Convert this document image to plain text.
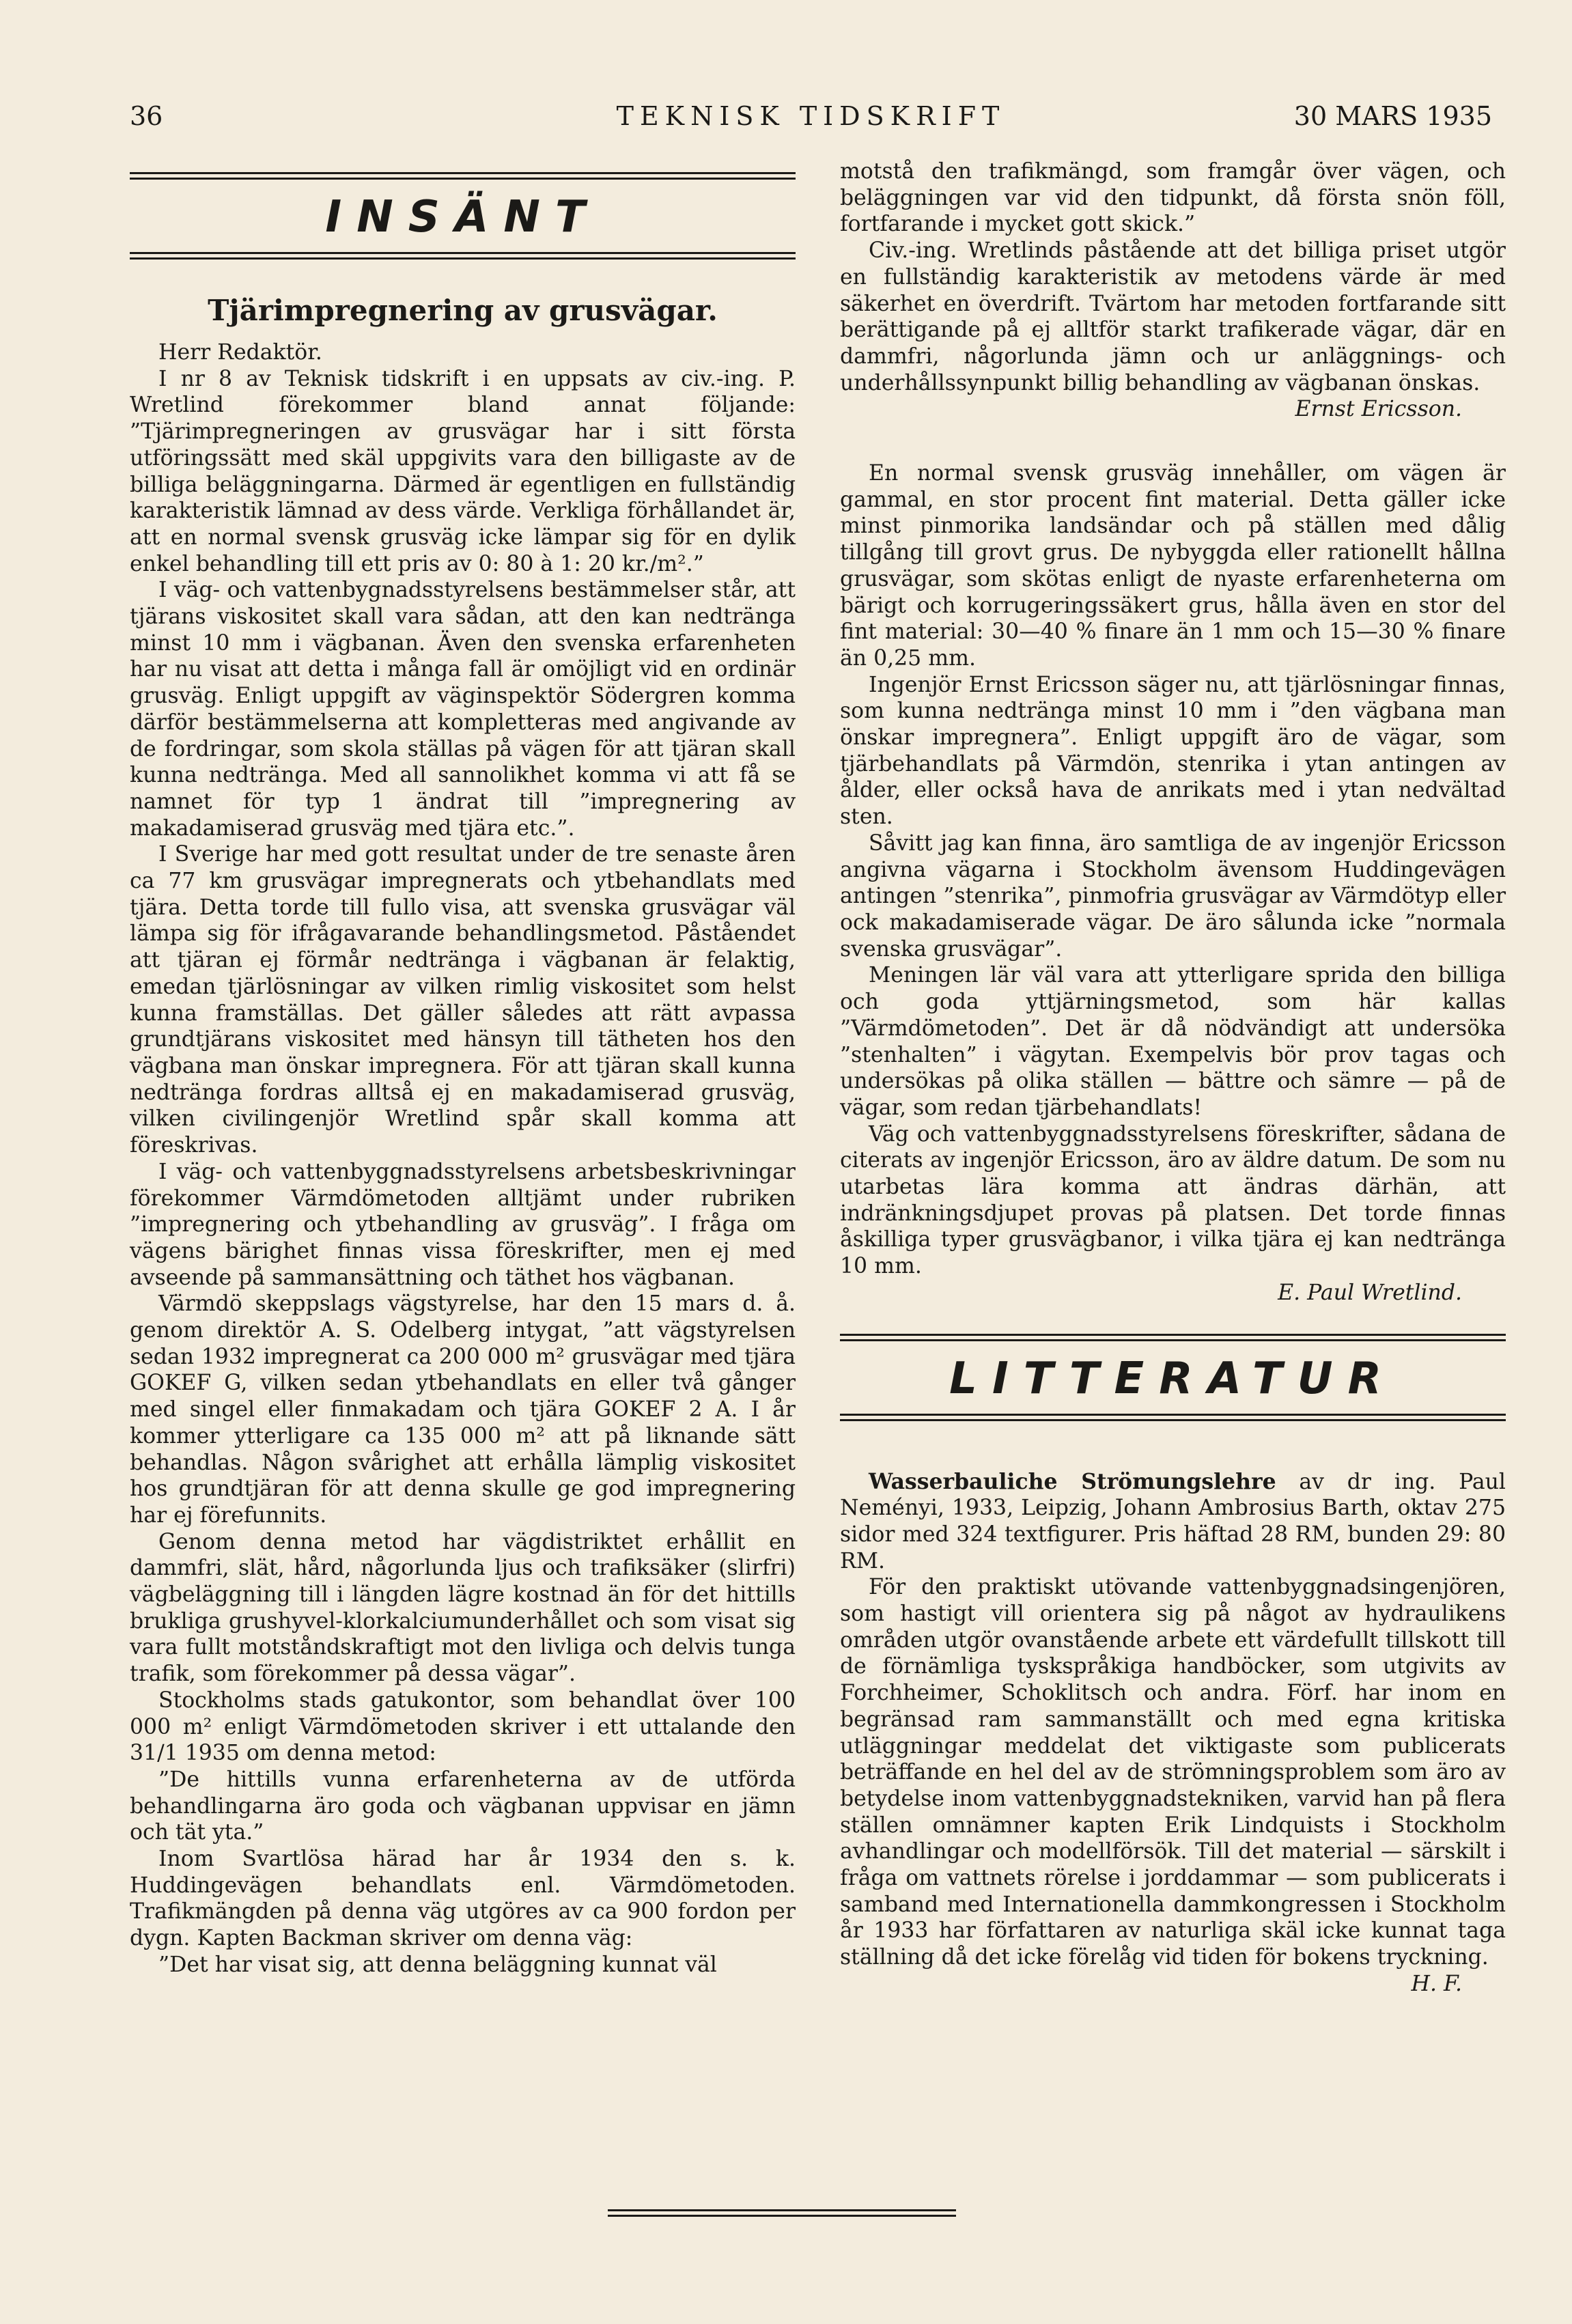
36	TEKNISK TIDSKRIFT	30 MARS 1935
INSÄNT
Tjärimpregnering av grusvägar.

Herr Redaktör.

I nr 8 av Teknisk tidskrift i en uppsats av civ.-ing. P. Wretlind förekommer bland annat följande: ”Tjärimpregneringen av grusvägar har i sitt första utföringssätt med skäl uppgivits vara den billigaste av de billiga beläggningarna. Därmed är egentligen en fullständig karakteristik lämnad av dess värde. Verkliga förhållandet är, att en normal svensk grusväg icke lämpar sig för en dylik enkel behandling till ett pris av 0: 80 à 1: 20 kr./m².”

I väg- och vattenbygnadsstyrelsens bestämmelser står, att tjärans viskositet skall vara sådan, att den kan nedtränga minst 10 mm i vägbanan. Även den svenska erfarenheten har nu visat att detta i många fall är omöjligt vid en ordinär grusväg. Enligt uppgift av väginspektör Södergren komma därför bestämmelserna att kompletteras med angivande av de fordringar, som skola ställas på vägen för att tjäran skall kunna nedtränga. Med all sannolikhet komma vi att få se namnet för typ 1 ändrat till ”impregnering av makadamiserad grusväg med tjära etc.”.

I Sverige har med gott resultat under de tre senaste åren ca 77 km grusvägar impregnerats och ytbehandlats med tjära. Detta torde till fullo visa, att svenska grusvägar väl lämpa sig för ifrågavarande behandlingsmetod. Påståendet att tjäran ej förmår nedtränga i vägbanan är felaktig, emedan tjärlösningar av vilken rimlig viskositet som helst kunna framställas. Det gäller således att rätt avpassa grundtjärans viskositet med hänsyn till tätheten hos den vägbana man önskar impregnera. För att tjäran skall kunna nedtränga fordras alltså ej en makadamiserad grusväg, vilken civilingenjör Wretlind spår skall komma att föreskrivas.

I väg- och vattenbyggnadsstyrelsens arbetsbeskrivningar förekommer Värmdömetoden alltjämt under rubriken ”impregnering och ytbehandling av grusväg”. I fråga om vägens bärighet finnas vissa föreskrifter, men ej med avseende på sammansättning och täthet hos vägbanan.

Värmdö skeppslags vägstyrelse, har den 15 mars d. å. genom direktör A. S. Odelberg intygat, ”att vägstyrelsen sedan 1932 impregnerat ca 200 000 m² grusvägar med tjära GOKEF G, vilken sedan ytbehandlats en eller två gånger med singel eller finmakadam och tjära GOKEF 2 A. I år kommer ytterligare ca 135 000 m² att på liknande sätt behandlas. Någon svårighet att erhålla lämplig viskositet hos grundtjäran för att denna skulle ge god impregnering har ej förefunnits.

Genom denna metod har vägdistriktet erhållit en dammfri, slät, hård, någorlunda ljus och trafiksäker (slirfri) vägbeläggning till i längden lägre kostnad än för det hittills brukliga grushyvel-klorkalciumunderhållet och som visat sig vara fullt motståndskraftigt mot den livliga och delvis tunga trafik, som förekommer på dessa vägar”.

Stockholms stads gatukontor, som behandlat över 100 000 m² enligt Värmdömetoden skriver i ett uttalande den 31/1 1935 om denna metod:

”De hittills vunna erfarenheterna av de utförda behandlingarna äro goda och vägbanan uppvisar en jämn och tät yta.”

Inom Svartlösa härad har år 1934 den s. k. Huddingevägen behandlats enl. Värmdömetoden. Trafikmängden på denna väg utgöres av ca 900 fordon per dygn. Kapten Backman skriver om denna väg:

”Det har visat sig, att denna beläggning kunnat väl

motstå den trafikmängd, som framgår över vägen, och beläggningen var vid den tidpunkt, då första snön föll, fortfarande i mycket gott skick.”

Civ.-ing. Wretlinds påstående att det billiga priset utgör en fullständig karakteristik av metodens värde är med säkerhet en överdrift. Tvärtom har metoden fortfarande sitt berättigande på ej alltför starkt trafikerade vägar, där en dammfri, någorlunda jämn och ur anläggnings- och underhållssynpunkt billig behandling av vägbanan önskas.

Ernst Ericsson.

En normal svensk grusväg innehåller, om vägen är gammal, en stor procent fint material. Detta gäller icke minst pinmorika landsändar och på ställen med dålig tillgång till grovt grus. De nybyggda eller rationellt hållna grusvägar, som skötas enligt de nyaste erfarenheterna om bärigt och korrugeringssäkert grus, hålla även en stor del fint material: 30—40 % finare än 1 mm och 15—30 % finare än 0,25 mm.

Ingenjör Ernst Ericsson säger nu, att tjärlösningar finnas, som kunna nedtränga minst 10 mm i ”den vägbana man önskar impregnera”. Enligt uppgift äro de vägar, som tjärbehandlats på Värmdön, stenrika i ytan antingen av ålder, eller också hava de anrikats med i ytan nedvältad sten.

Såvitt jag kan finna, äro samtliga de av ingenjör Ericsson angivna vägarna i Stockholm ävensom Huddingevägen antingen ”stenrika”, pinmofria grusvägar av Värmdötyp eller ock makadamiserade vägar. De äro sålunda icke ”normala svenska grusvägar”.

Meningen lär väl vara att ytterligare sprida den billiga och goda yttjärningsmetod, som här kallas ”Värmdömetoden”. Det är då nödvändigt att undersöka ”stenhalten” i vägytan. Exempelvis bör prov tagas och undersökas på olika ställen — bättre och sämre — på de vägar, som redan tjärbehandlats!

Väg och vattenbyggnadsstyrelsens föreskrifter, sådana de citerats av ingenjör Ericsson, äro av äldre datum. De som nu utarbetas lära komma att ändras därhän, att indränkningsdjupet provas på platsen. Det torde finnas åskilliga typer grusvägbanor, i vilka tjära ej kan nedtränga 10 mm.

E. Paul Wretlind.
LITTERATUR

Wasserbauliche Strömungslehre av dr ing. Paul Neményi, 1933, Leipzig, Johann Ambrosius Barth, oktav 275 sidor med 324 textfigurer. Pris häftad 28 RM, bunden 29: 80 RM.

För den praktiskt utövande vattenbyggnadsingenjören, som hastigt vill orientera sig på något av hydraulikens områden utgör ovanstående arbete ett värdefullt tillskott till de förnämliga tyskspråkiga handböcker, som utgivits av Forchheimer, Schoklitsch och andra. Förf. har inom en begränsad ram sammanställt och med egna kritiska utläggningar meddelat det viktigaste som publicerats beträffande en hel del av de strömningsproblem som äro av betydelse inom vattenbyggnadstekniken, varvid han på flera ställen omnämner kapten Erik Lindquists i Stockholm avhandlingar och modellförsök. Till det material — särskilt i fråga om vattnets rörelse i jorddammar — som publicerats i samband med Internationella dammkongressen i Stockholm år 1933 har författaren av naturliga skäl icke kunnat taga ställning då det icke förelåg vid tiden för bokens tryckning.

H. F.
